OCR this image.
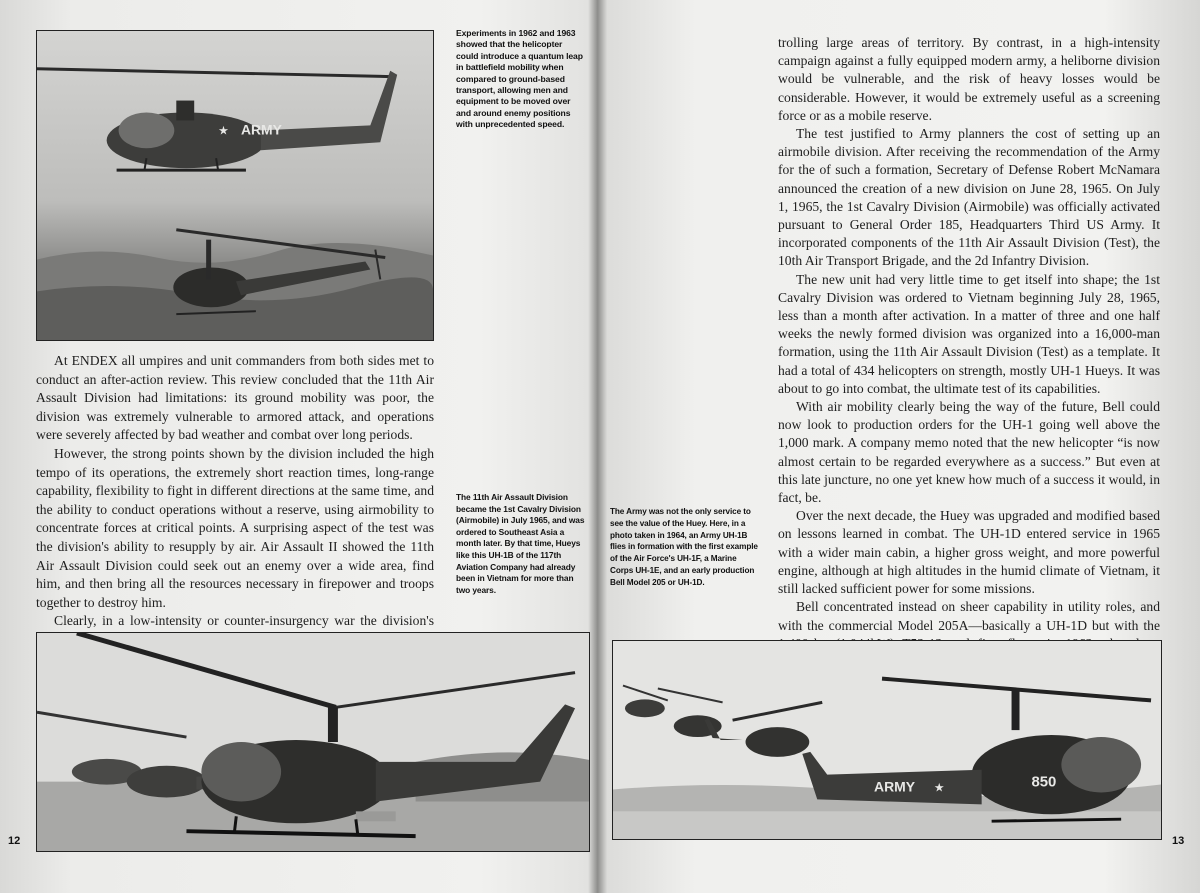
ARMY
★
Experiments in 1962 and 1963 showed that the helicopter could introduce a quantum leap in battlefield mobility when compared to ground-based transport, allowing men and equipment to be moved over and around enemy positions with unprecedented speed.

At ENDEX all umpires and unit commanders from both sides met to conduct an after-action review. This review concluded that the 11th Air Assault Division had limitations: its ground mobility was poor, the division was extremely vulnerable to armored attack, and operations were severely affected by bad weather and combat over long periods.

However, the strong points shown by the division included the high tempo of its operations, the extremely short reaction times, long-range capability, flexibility to fight in different directions at the same time, and the ability to conduct operations without a reserve, using airmobility to concentrate forces at critical points. A surprising aspect of the test was the division's ability to resupply by air. Air Assault II showed the 11th Air Assault Division could seek out an enemy over a wide area, find him, and then bring all the resources necessary in firepower and troops together to destroy him.

Clearly, in a low-intensity or counter-insurgency war the division's

The 11th Air Assault Division became the 1st Cavalry Division (Airmobile) in July 1965, and was ordered to Southeast Asia a month later. By that time, Hueys like this UH-1B of the 117th Aviation Company had already been in Vietnam for more than two years.
12

trolling large areas of territory. By contrast, in a high-intensity campaign against a fully equipped modern army, a heliborne division would be vulnerable, and the risk of heavy losses would be considerable. However, it would be extremely useful as a screening force or as a mobile reserve.

The test justified to Army planners the cost of setting up an airmobile division. After receiving the recommendation of the Army for the of such a formation, Secretary of Defense Robert McNamara announced the creation of a new division on June 28, 1965. On July 1, 1965, the 1st Cavalry Division (Airmobile) was officially activated pursuant to General Order 185, Headquarters Third US Army. It incorporated components of the 11th Air Assault Division (Test), the 10th Air Transport Brigade, and the 2d Infantry Division.

The new unit had very little time to get itself into shape; the 1st Cavalry Division was ordered to Vietnam beginning July 28, 1965, less than a month after activation. In a matter of three and one half weeks the newly formed division was organized into a 16,000-man formation, using the 11th Air Assault Division (Test) as a template. It had a total of 434 helicopters on strength, mostly UH-1 Hueys. It was about to go into combat, the ultimate test of its capabilities.

With air mobility clearly being the way of the future, Bell could now look to production orders for the UH-1 going well above the 1,000 mark. A company memo noted that the new helicopter “is now almost certain to be regarded everywhere as a success.” But even at this late juncture, no one yet knew how much of a success it would, in fact, be.

Over the next decade, the Huey was upgraded and modified based on lessons learned in combat. The UH-1D entered service in 1965 with a wider main cabin, a higher gross weight, and more powerful engine, although at high altitudes in the humid climate of Vietnam, it still lacked sufficient power for some missions.

Bell concentrated instead on sheer capability in utility roles, and with the commercial Model 205A—basically a UH-1D but with the

The Army was not the only service to see the value of the Huey. Here, in a photo taken in 1964, an Army UH-1B flies in formation with the first example of the Air Force's UH-1F, a Marine Corps UH-1E, and an early production Bell Model 205 or UH-1D.
ARMY ★	850
13
